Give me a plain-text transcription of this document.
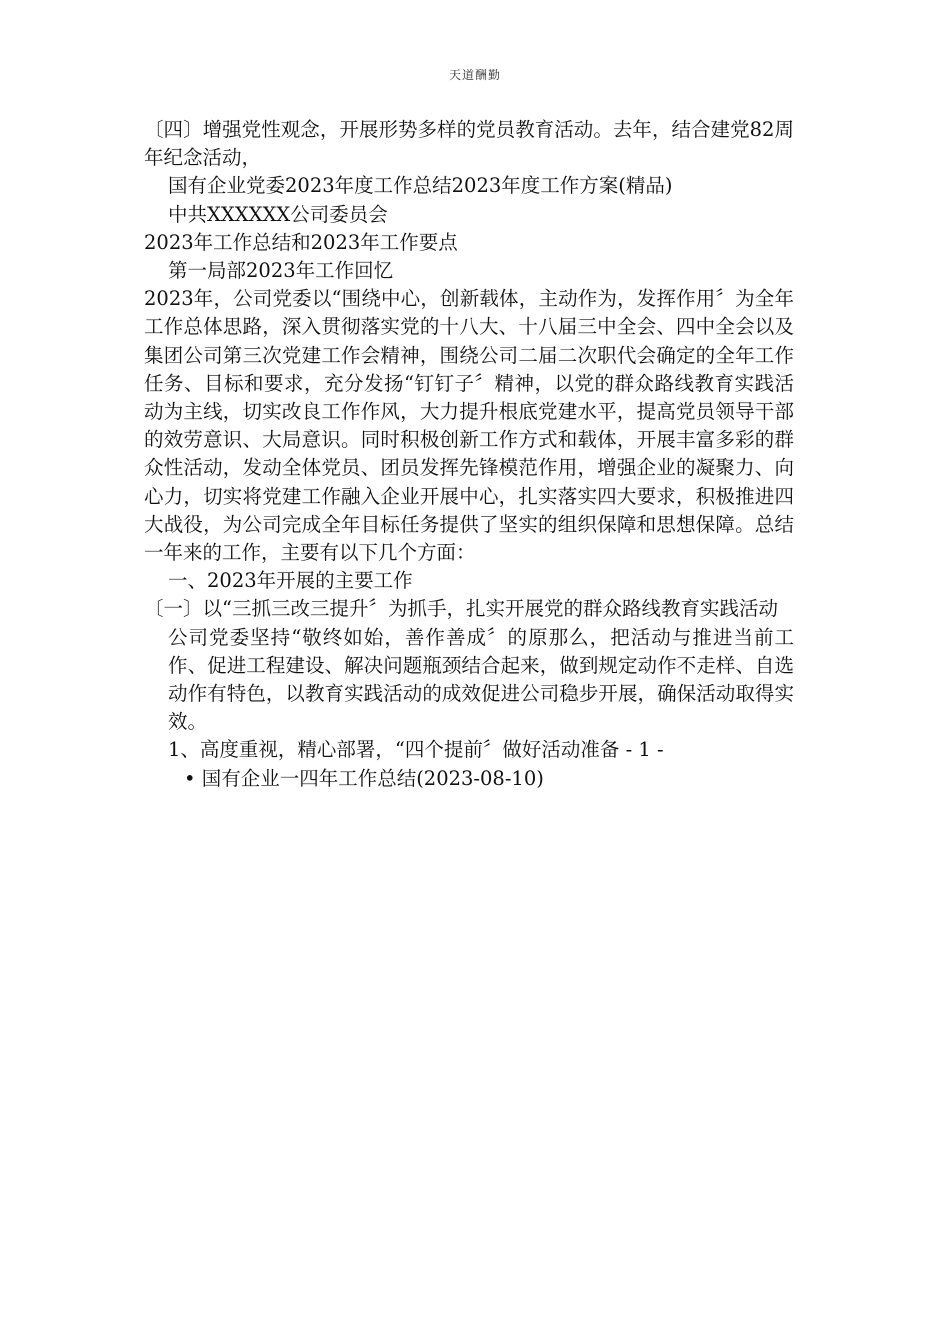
天道酬勤
〔四〕增强党性观念，开展形势多样的党员教育活动。去年，结合建党82周年纪念活动，
国有企业党委2023年度工作总结2023年度工作方案(精品)
中共XXXXXX公司委员会
2023年工作总结和2023年工作要点
第一局部2023年工作回忆
2023年，公司党委以“围绕中心，创新载体，主动作为，发挥作用〞为全年工作总体思路，深入贯彻落实党的十八大、十八届三中全会、四中全会以及集团公司第三次党建工作会精神，围绕公司二届二次职代会确定的全年工作任务、目标和要求，充分发扬“钉钉子〞精神，以党的群众路线教育实践活动为主线，切实改良工作作风，大力提升根底党建水平，提高党员领导干部的效劳意识、大局意识。同时积极创新工作方式和载体，开展丰富多彩的群众性活动，发动全体党员、团员发挥先锋模范作用，增强企业的凝聚力、向心力，切实将党建工作融入企业开展中心，扎实落实四大要求，积极推进四大战役，为公司完成全年目标任务提供了坚实的组织保障和思想保障。总结一年来的工作，主要有以下几个方面：
一、2023年开展的主要工作
〔一〕以“三抓三改三提升〞为抓手，扎实开展党的群众路线教育实践活动
公司党委坚持“敬终如始，善作善成〞的原那么，把活动与推进当前工作、促进工程建设、解决问题瓶颈结合起来，做到规定动作不走样、自选动作有特色，以教育实践活动的成效促进公司稳步开展，确保活动取得实效。
1、高度重视，精心部署，“四个提前〞做好活动准备 - 1 -
• 国有企业一四年工作总结(2023-08-10)
